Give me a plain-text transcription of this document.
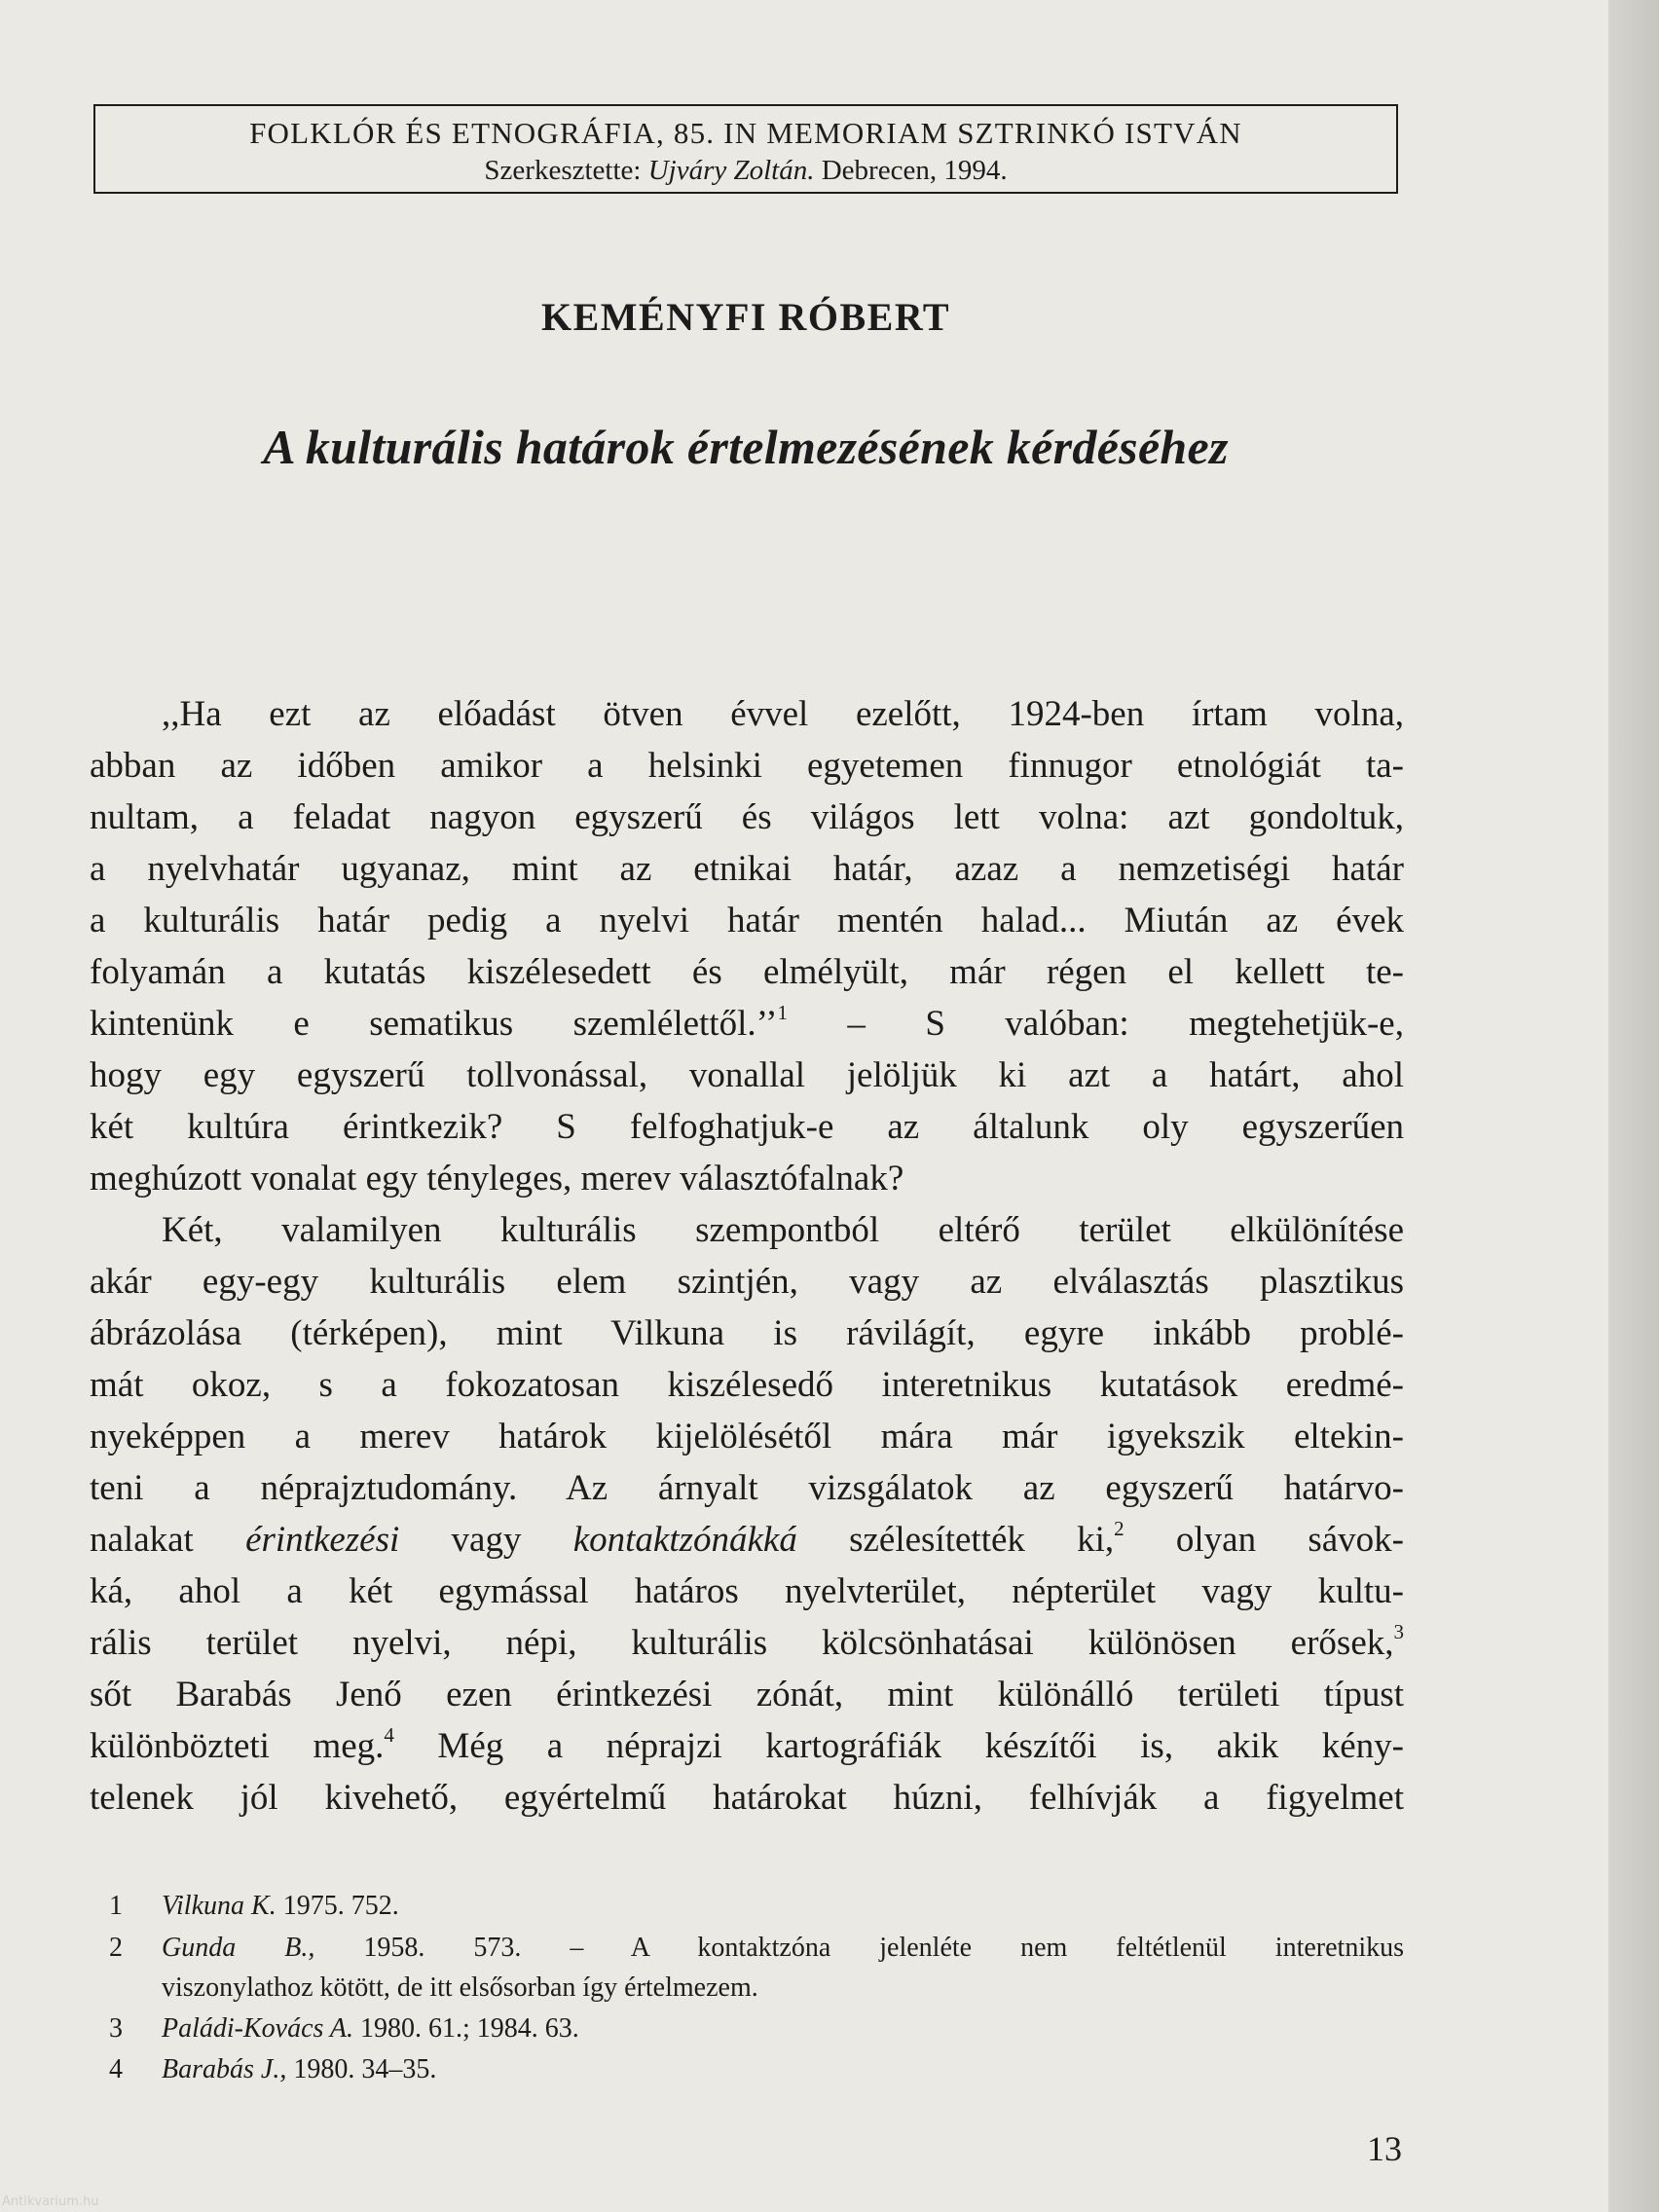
FOLKLÓR ÉS ETNOGRÁFIA, 85. IN MEMORIAM SZTRINKÓ ISTVÁN
Szerkesztette: Ujváry Zoltán. Debrecen, 1994.
KEMÉNYFI RÓBERT
A kulturális határok értelmezésének kérdéséhez
,,Ha ezt az előadást ötven évvel ezelőtt, 1924-ben írtam volna,
abban az időben amikor a helsinki egyetemen finnugor etnológiát ta-
nultam, a feladat nagyon egyszerű és világos lett volna: azt gondoltuk,
a nyelvhatár ugyanaz, mint az etnikai határ, azaz a nemzetiségi határ
a kulturális határ pedig a nyelvi határ mentén halad... Miután az évek
folyamán a kutatás kiszélesedett és elmélyült, már régen el kellett te-
kintenünk e sematikus szemlélettől.’’$^1$ – S valóban: megtehetjük-e,
hogy egy egyszerű tollvonással, vonallal jelöljük ki azt a határt, ahol
két kultúra érintkezik? S felfoghatjuk-e az általunk oly egyszerűen
meghúzott vonalat egy tényleges, merev választófalnak?
Két, valamilyen kulturális szempontból eltérő terület elkülönítése
akár egy-egy kulturális elem szintjén, vagy az elválasztás plasztikus
ábrázolása (térképen), mint Vilkuna is rávilágít, egyre inkább problé-
mát okoz, s a fokozatosan kiszélesedő interetnikus kutatások eredmé-
nyeképpen a merev határok kijelölésétől mára már igyekszik eltekin-
teni a néprajztudomány. Az árnyalt vizsgálatok az egyszerű határvo-
nalakat érintkezési vagy kontaktzónákká szélesítették ki,$^2$ olyan sávok-
ká, ahol a két egymással határos nyelvterület, népterület vagy kultu-
rális terület nyelvi, népi, kulturális kölcsönhatásai különösen erősek,$^3$
sőt Barabás Jenő ezen érintkezési zónát, mint különálló területi típust
különbözteti meg.$^4$ Még a néprajzi kartográfiák készítői is, akik kény-
telenek jól kivehető, egyértelmű határokat húzni, felhívják a figyelmet
1	Vilkuna K. 1975. 752.
2	Gunda B., 1958. 573. – A kontaktzóna jelenléte nem feltétlenül interetnikus
viszonylathoz kötött, de itt elsősorban így értelmezem.
3	Paládi-Kovács A. 1980. 61.; 1984. 63.
4	Barabás J., 1980. 34–35.
13
Antikvarium.hu
